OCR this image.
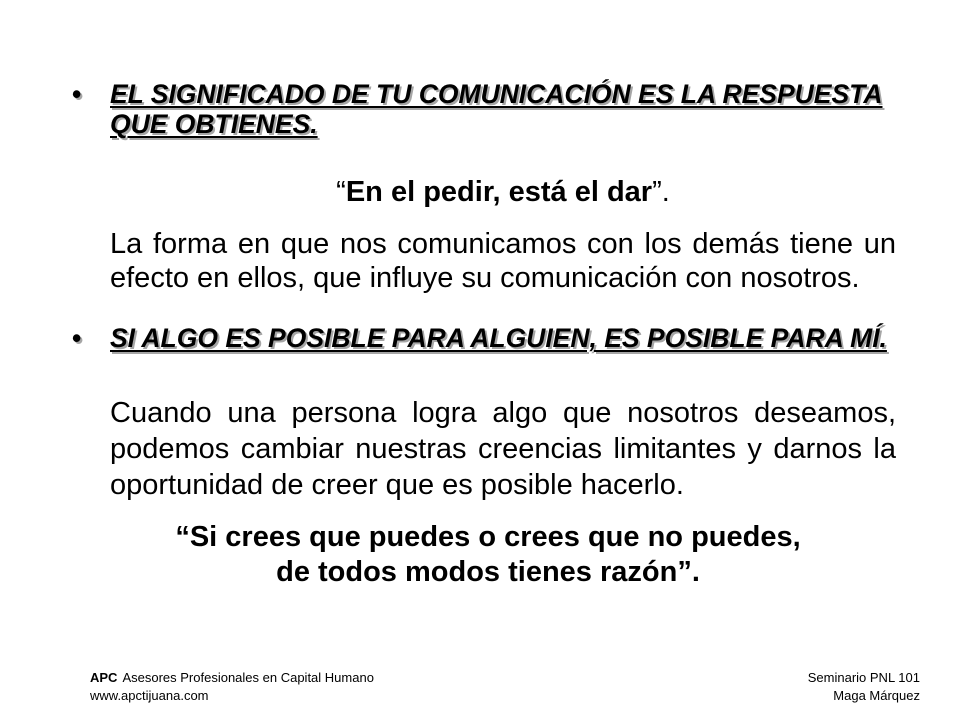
• EL SIGNIFICADO DE TU COMUNICACIÓN ES LA RESPUESTA QUE OBTIENES.
“En el pedir, está el dar”.
La forma en que nos comunicamos con los demás tiene un efecto en ellos, que influye su comunicación con nosotros.
• SI ALGO ES POSIBLE PARA ALGUIEN, ES POSIBLE PARA MÍ.
Cuando una persona logra algo que nosotros deseamos, podemos cambiar nuestras creencias limitantes y darnos la oportunidad de creer que es posible hacerlo.
“Si crees que puedes o crees que no puedes,
de todos modos tienes razón”.
APC Asesores Profesionales en Capital Humano
www.apctijuana.com
Seminario PNL 101
Maga Márquez
